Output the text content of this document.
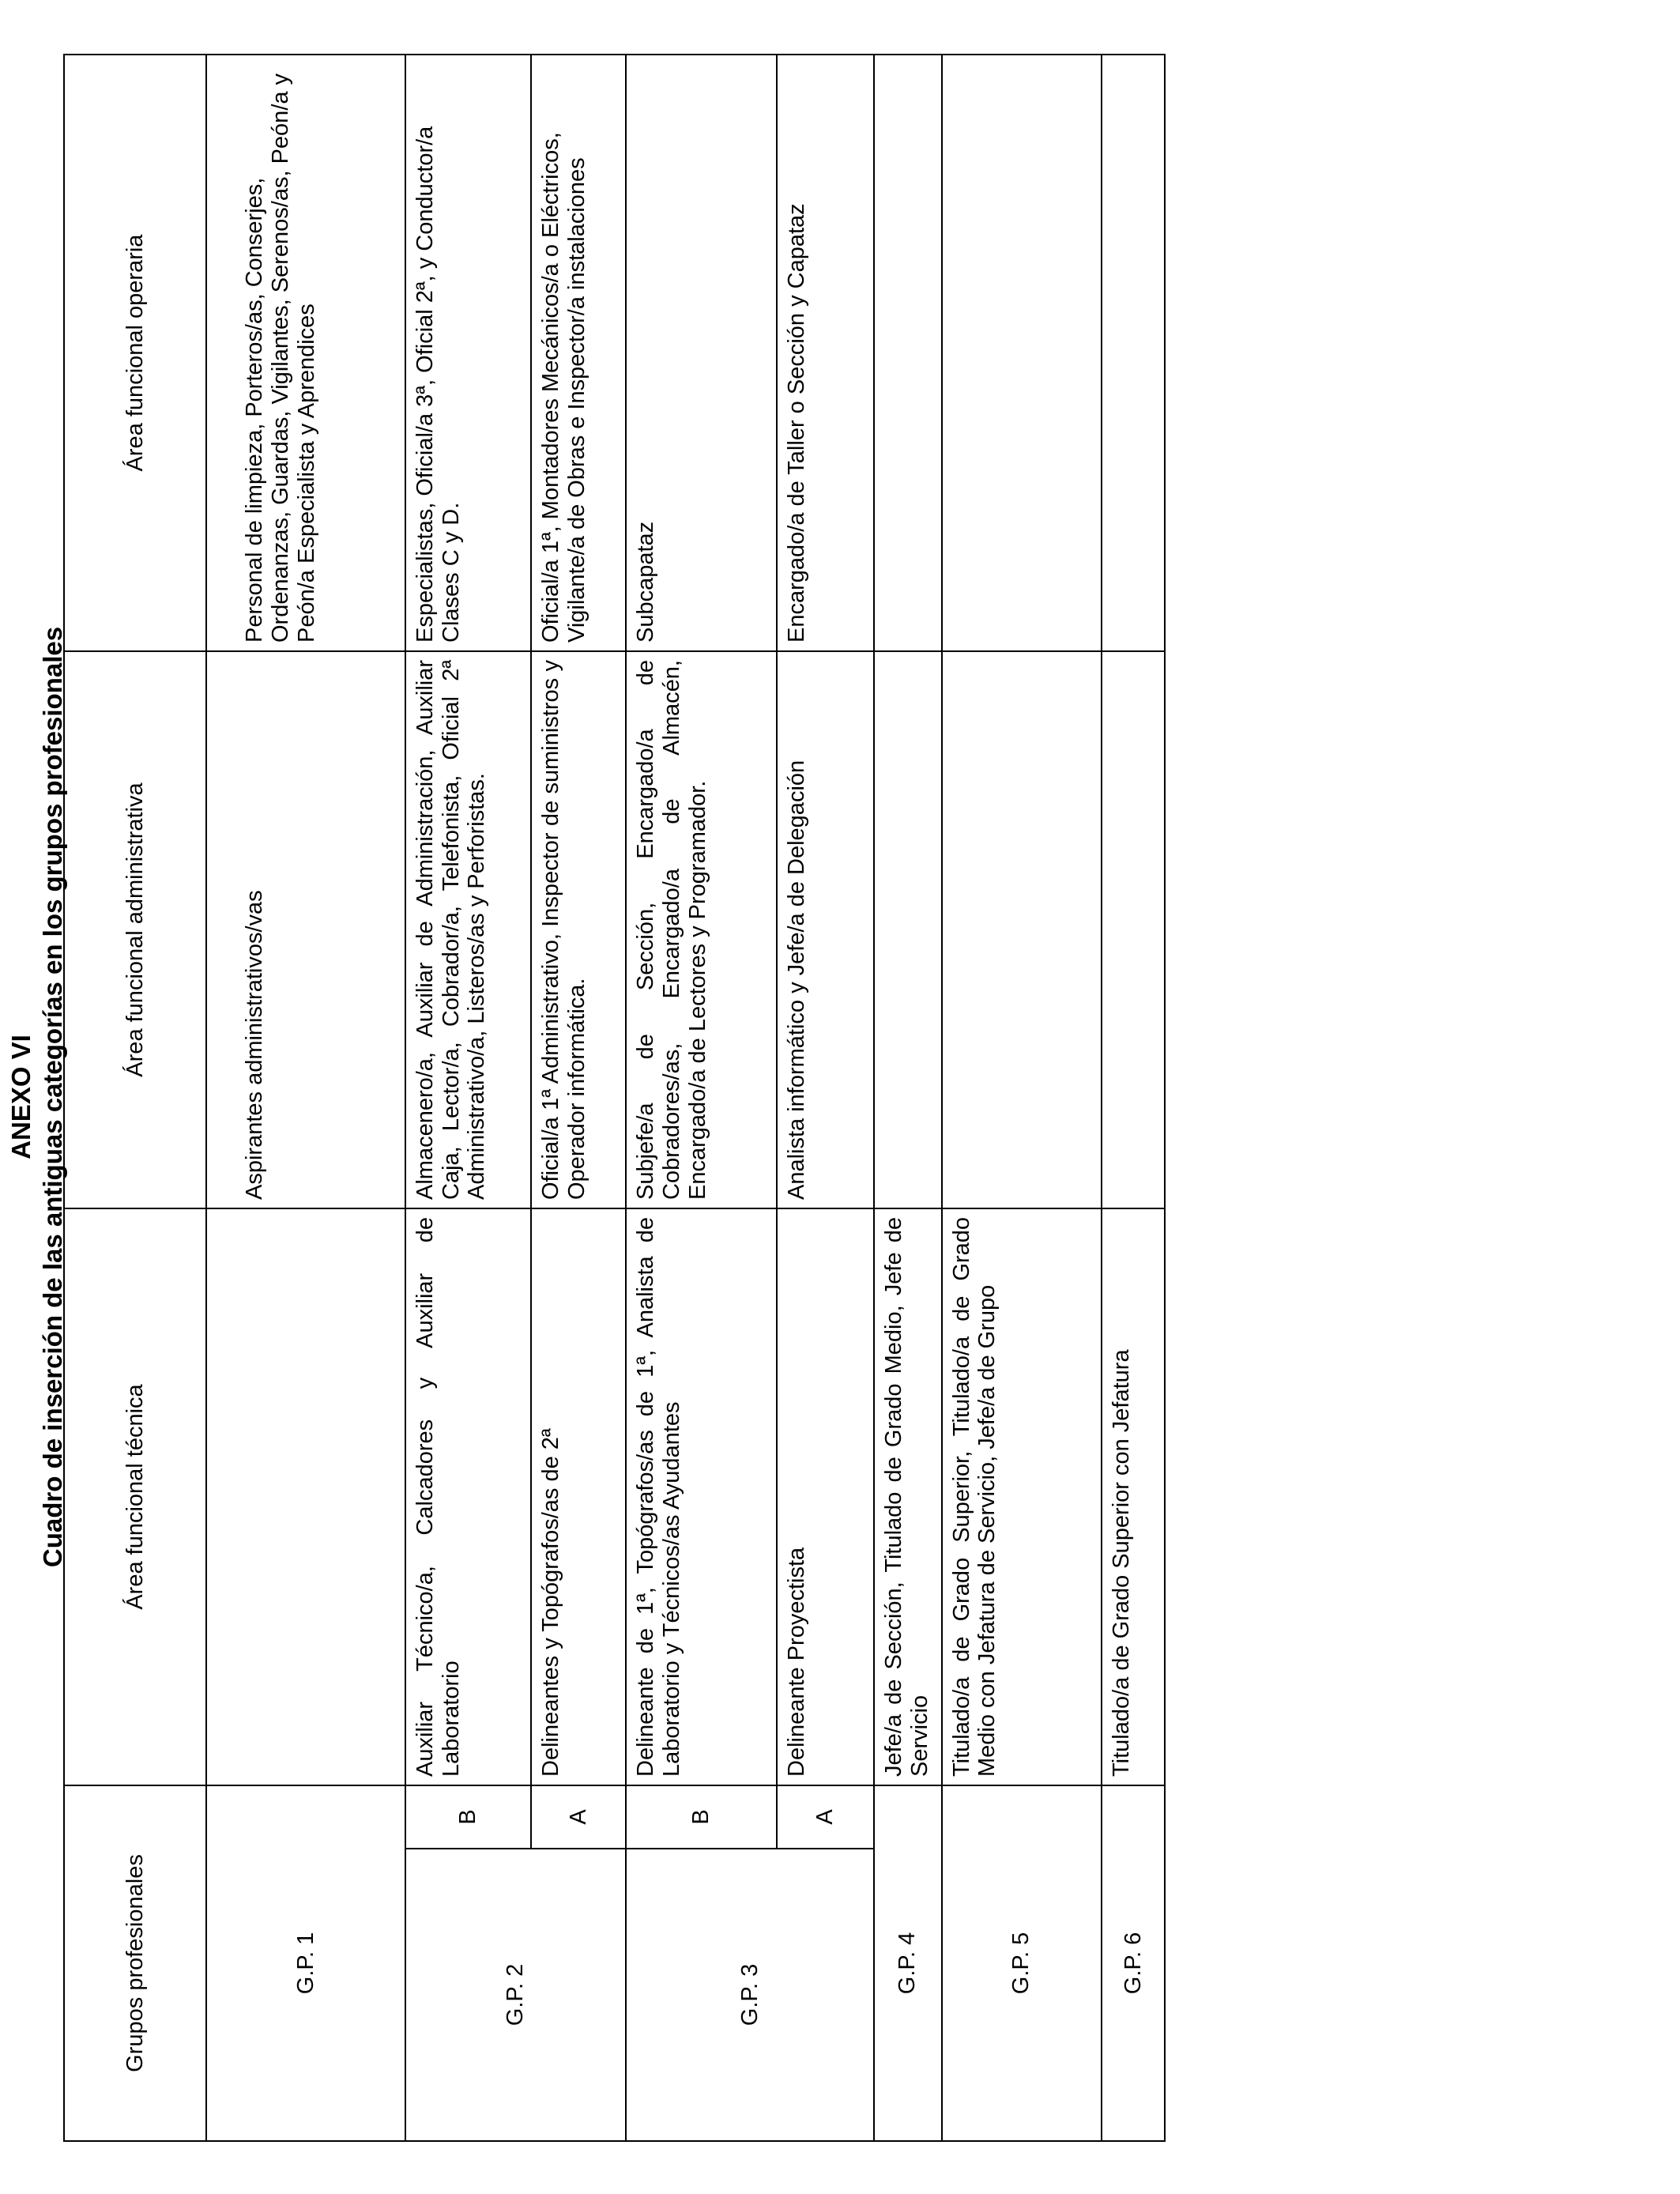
ANEXO VI Cuadro de inserción de las antiguas categorías en los grupos profesionales
Grupos profesionales		Área funcional técnica	Área funcional administrativa	Área funcional operaria
G.P. 1			Aspirantes administrativos/vas	Personal de limpieza, Porteros/as, Conserjes, Ordenanzas, Guardas, Vigilantes, Serenos/as, Peón/a y Peón/a Especialista y Aprendices
G.P. 2	B	Auxiliar Técnico/a, Calcadores y Auxiliar de Laboratorio	Almacenero/a, Auxiliar de Administración, Auxiliar Caja, Lector/a, Cobrador/a, Telefonista, Oficial 2ª Administrativo/a, Listeros/as y Perforistas.	Especialistas, Oficial/a 3ª, Oficial 2ª, y Conductor/a Clases C y D.
	A	Delineantes y Topógrafos/as de 2ª	Oficial/a 1ª Administrativo, Inspector de suministros y Operador informática.	Oficial/a 1ª, Montadores Mecánicos/a o Eléctricos, Vigilante/a de Obras e Inspector/a instalaciones
G.P. 3	B	Delineante de 1ª, Topógrafos/as de 1ª, Analista de Laboratorio y Técnicos/as Ayudantes	Subjefe/a de Sección, Encargado/a de Cobradores/as, Encargado/a de Almacén, Encargado/a de Lectores y Programador.	Subcapataz
	A	Delineante Proyectista	Analista informático y Jefe/a de Delegación	Encargado/a de Taller o Sección y Capataz
G.P. 4		Jefe/a de Sección, Titulado de Grado Medio, Jefe de Servicio		
G.P. 5		Titulado/a de Grado Superior, Titulado/a de Grado Medio con Jefatura de Servicio, Jefe/a de Grupo		
G.P. 6		Titulado/a de Grado Superior con Jefatura		
